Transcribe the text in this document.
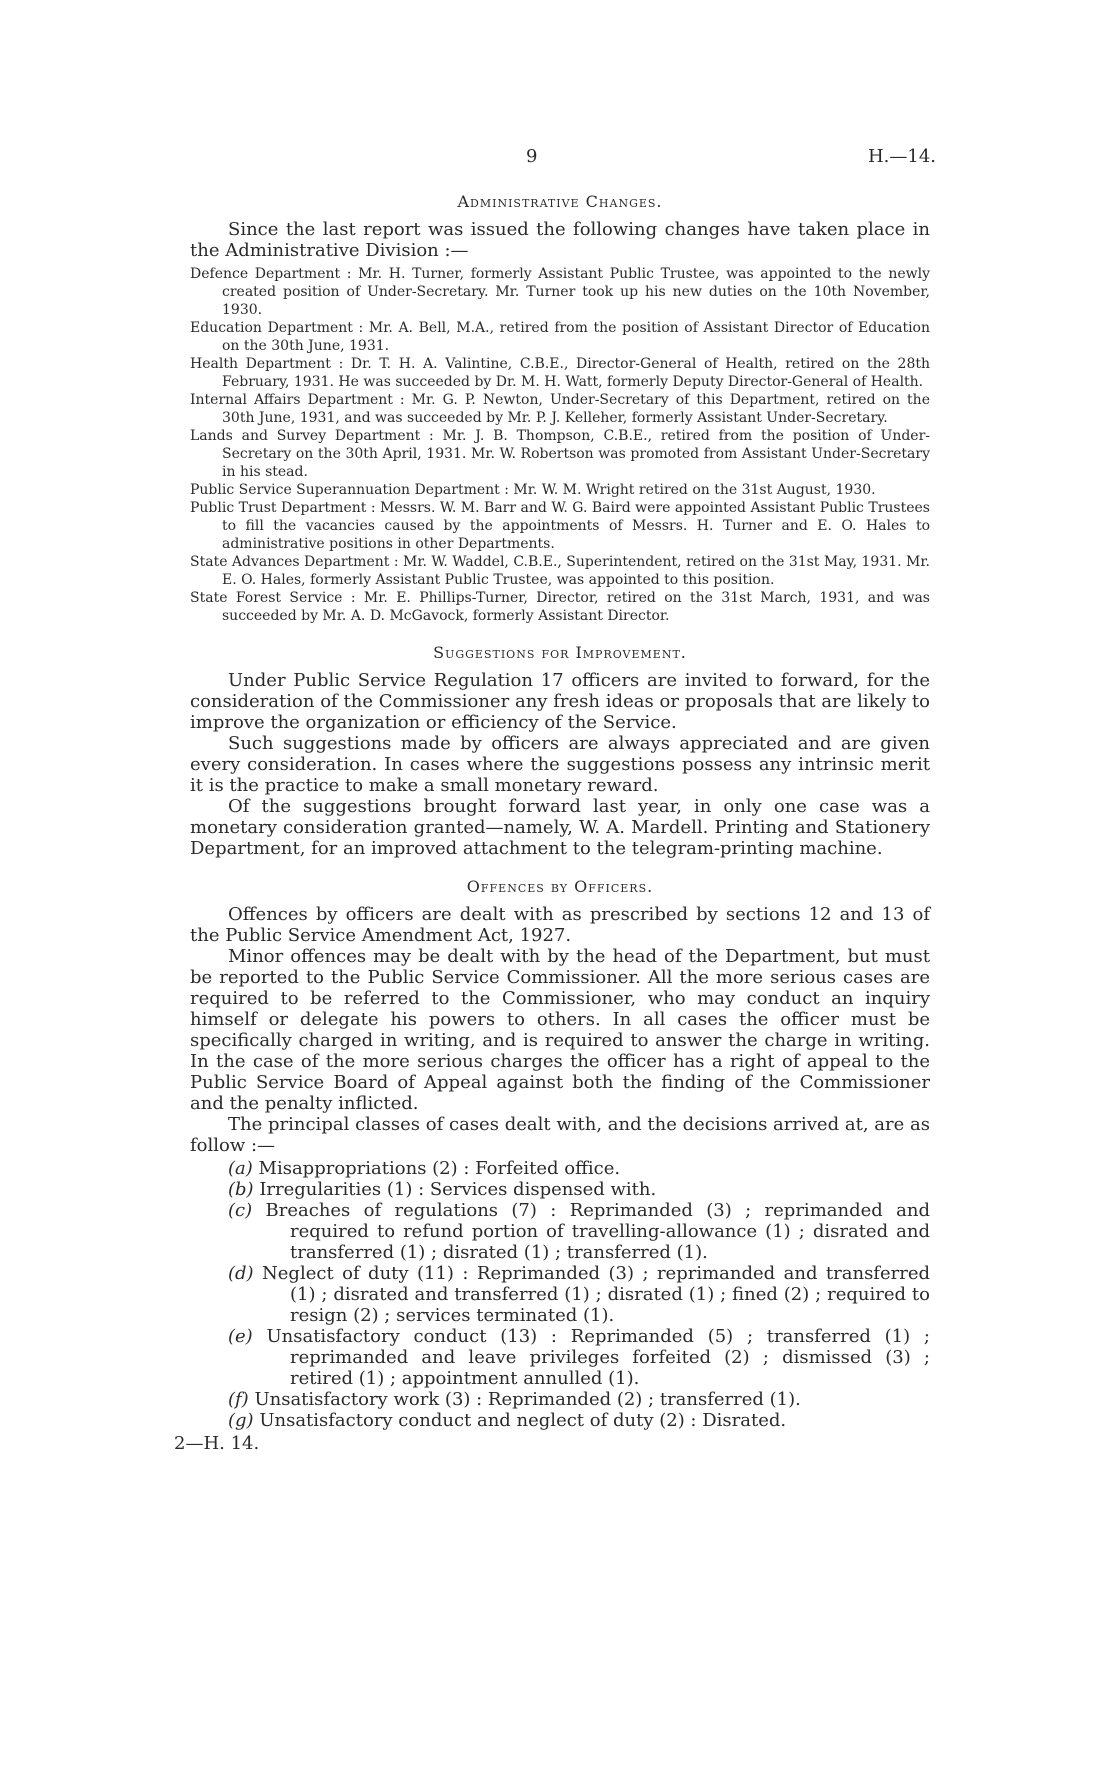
9	H.—14.
Administrative Changes.

Since the last report was issued the following changes have taken place in the Administrative Division :—

Defence Department : Mr. H. Turner, formerly Assistant Public Trustee, was appointed to the newly created position of Under-Secretary. Mr. Turner took up his new duties on the 10th November, 1930.

Education Department : Mr. A. Bell, M.A., retired from the position of Assistant Director of Education on the 30th June, 1931.

Health Department : Dr. T. H. A. Valintine, C.B.E., Director-General of Health, retired on the 28th February, 1931. He was succeeded by Dr. M. H. Watt, formerly Deputy Director-General of Health.

Internal Affairs Department : Mr. G. P. Newton, Under-Secretary of this Department, retired on the 30th June, 1931, and was succeeded by Mr. P. J. Kelleher, formerly Assistant Under-Secretary.

Lands and Survey Department : Mr. J. B. Thompson, C.B.E., retired from the position of Under-Secretary on the 30th April, 1931. Mr. W. Robertson was promoted from Assistant Under-Secretary in his stead.

Public Service Superannuation Department : Mr. W. M. Wright retired on the 31st August, 1930.

Public Trust Department : Messrs. W. M. Barr and W. G. Baird were appointed Assistant Public Trustees to fill the vacancies caused by the appointments of Messrs. H. Turner and E. O. Hales to administrative positions in other Departments.

State Advances Department : Mr. W. Waddel, C.B.E., Superintendent, retired on the 31st May, 1931. Mr. E. O. Hales, formerly Assistant Public Trustee, was appointed to this position.

State Forest Service : Mr. E. Phillips-Turner, Director, retired on the 31st March, 1931, and was succeeded by Mr. A. D. McGavock, formerly Assistant Director.

Suggestions for Improvement.

Under Public Service Regulation 17 officers are invited to forward, for the consideration of the Commissioner any fresh ideas or proposals that are likely to improve the organization or efficiency of the Service.

Such suggestions made by officers are always appreciated and are given every consideration. In cases where the suggestions possess any intrinsic merit it is the practice to make a small monetary reward.

Of the suggestions brought forward last year, in only one case was a monetary consideration granted—namely, W. A. Mardell. Printing and Stationery Department, for an improved attachment to the telegram-printing machine.

Offences by Officers.

Offences by officers are dealt with as prescribed by sections 12 and 13 of the Public Service Amendment Act, 1927.

Minor offences may be dealt with by the head of the Department, but must be reported to the Public Service Commissioner. All the more serious cases are required to be referred to the Commissioner, who may conduct an inquiry himself or delegate his powers to others. In all cases the officer must be specifically charged in writing, and is required to answer the charge in writing. In the case of the more serious charges the officer has a right of appeal to the Public Service Board of Appeal against both the finding of the Commissioner and the penalty inflicted.

The principal classes of cases dealt with, and the decisions arrived at, are as follow :—

(a) Misappropriations (2) : Forfeited office.

(b) Irregularities (1) : Services dispensed with.

(c) Breaches of regulations (7) : Reprimanded (3) ; reprimanded and required to refund portion of travelling-allowance (1) ; disrated and transferred (1) ; disrated (1) ; transferred (1).

(d) Neglect of duty (11) : Reprimanded (3) ; reprimanded and transferred (1) ; disrated and transferred (1) ; disrated (1) ; fined (2) ; required to resign (2) ; services terminated (1).

(e) Unsatisfactory conduct (13) : Reprimanded (5) ; transferred (1) ; reprimanded and leave privileges forfeited (2) ; dismissed (3) ; retired (1) ; appointment annulled (1).

(f) Unsatisfactory work (3) : Reprimanded (2) ; transferred (1).

(g) Unsatisfactory conduct and neglect of duty (2) : Disrated.

2—H. 14.
